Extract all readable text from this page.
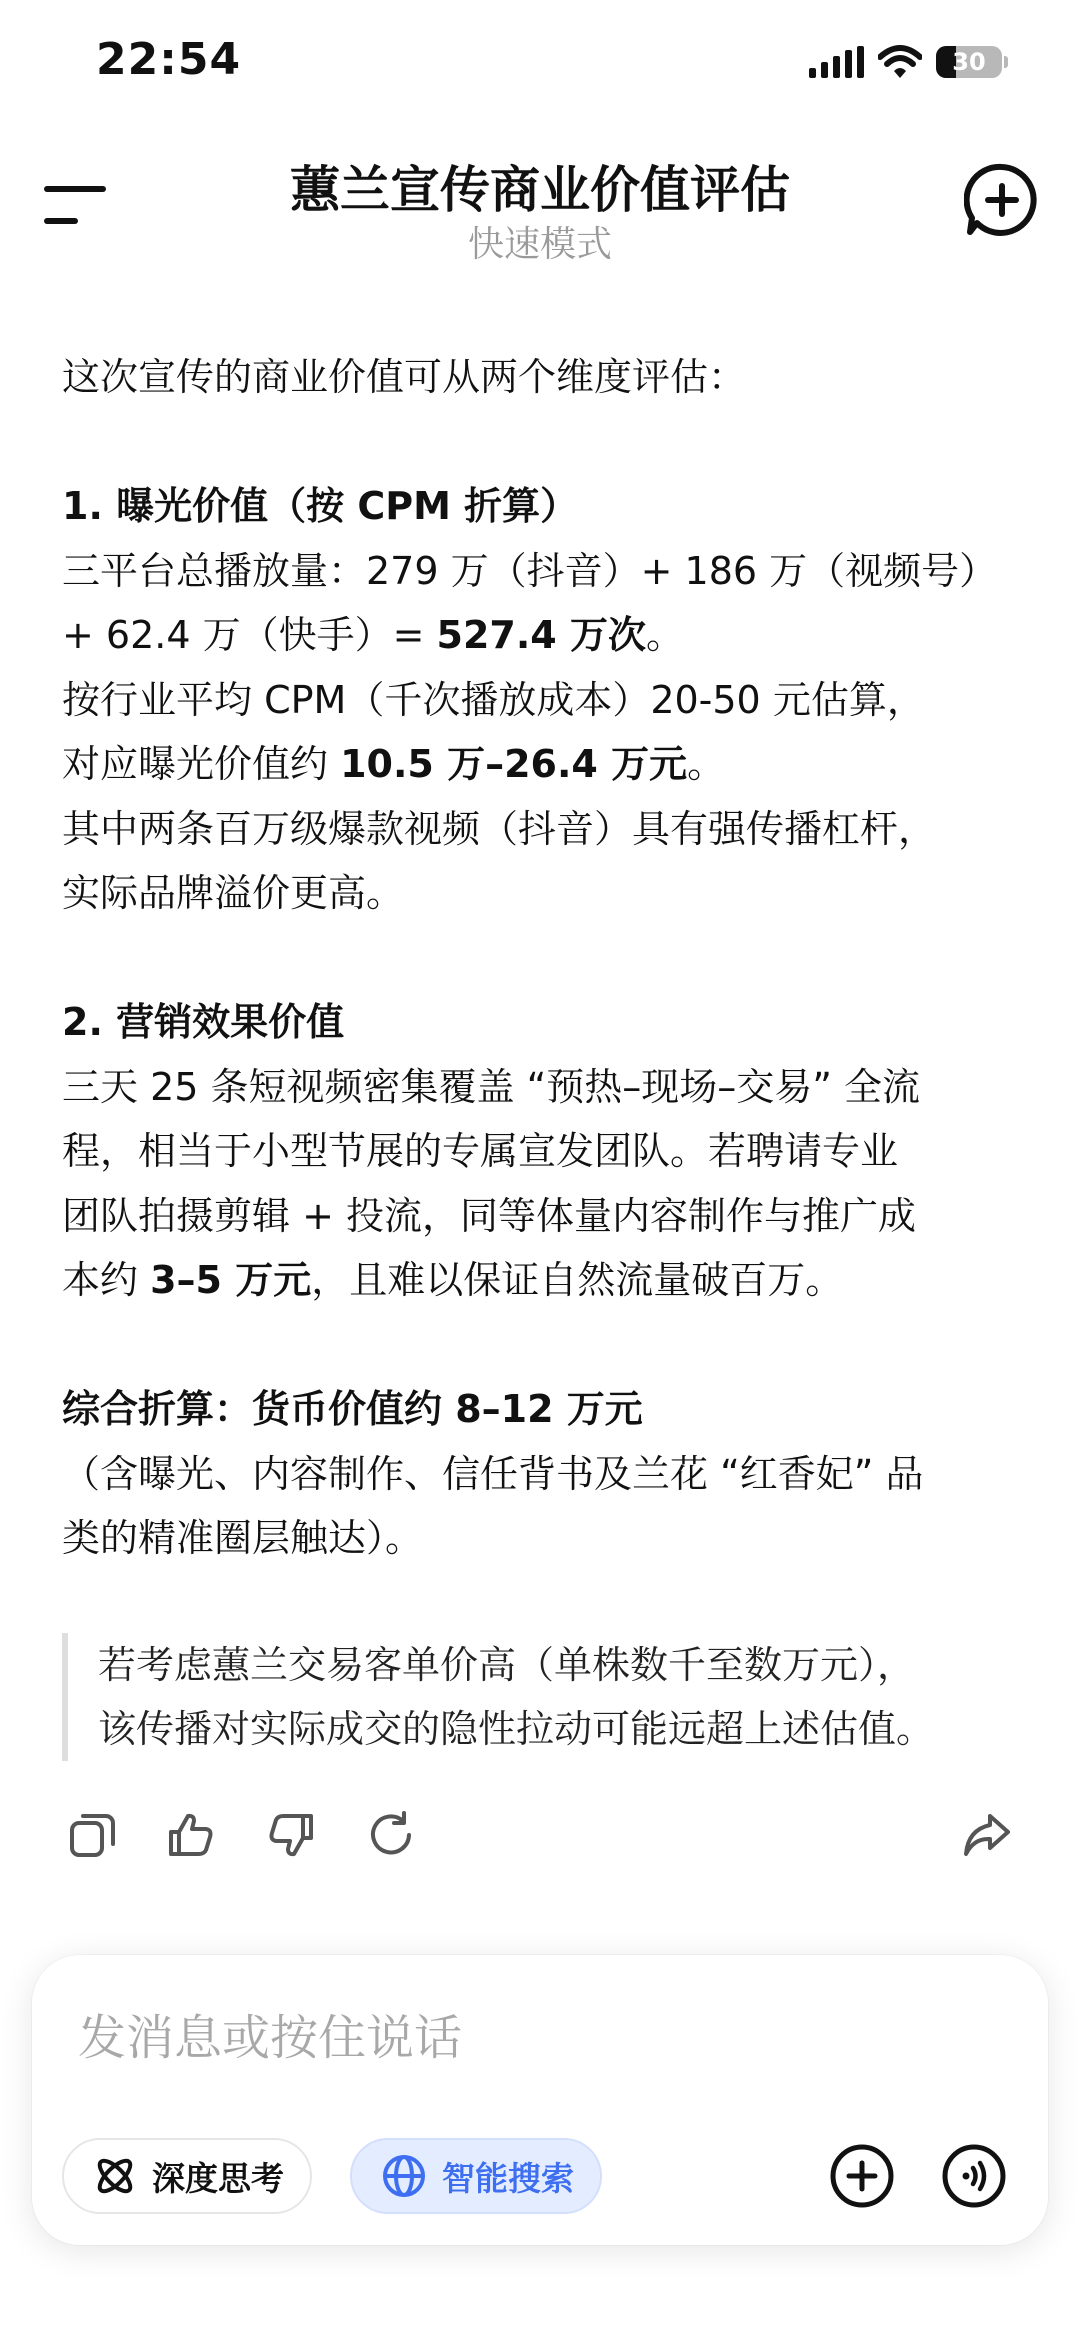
22:54	30
蕙兰宣传商业价值评估
快速模式

这次宣传的商业价值可从两个维度评估：

1. 曝光价值（按 CPM 折算）

三平台总播放量：279 万（抖音）+ 186 万（视频号）

+ 62.4 万（快手）= 527.4 万次。

按行业平均 CPM（千次播放成本）20-50 元估算，

对应曝光价值约 10.5 万–26.4 万元。

其中两条百万级爆款视频（抖音）具有强传播杠杆，

实际品牌溢价更高。

2. 营销效果价值

三天 25 条短视频密集覆盖 “预热–现场–交易” 全流

程，相当于小型节展的专属宣发团队。若聘请专业

团队拍摄剪辑 + 投流，同等体量内容制作与推广成

本约 3–5 万元，且难以保证自然流量破百万。

综合折算：货币价值约 8–12 万元

（含曝光、内容制作、信任背书及兰花 “红香妃” 品

类的精准圈层触达）。

若考虑蕙兰交易客单价高（单株数千至数万元），

该传播对实际成交的隐性拉动可能远超上述估值。

发消息或按住说话
深度思考	智能搜索
